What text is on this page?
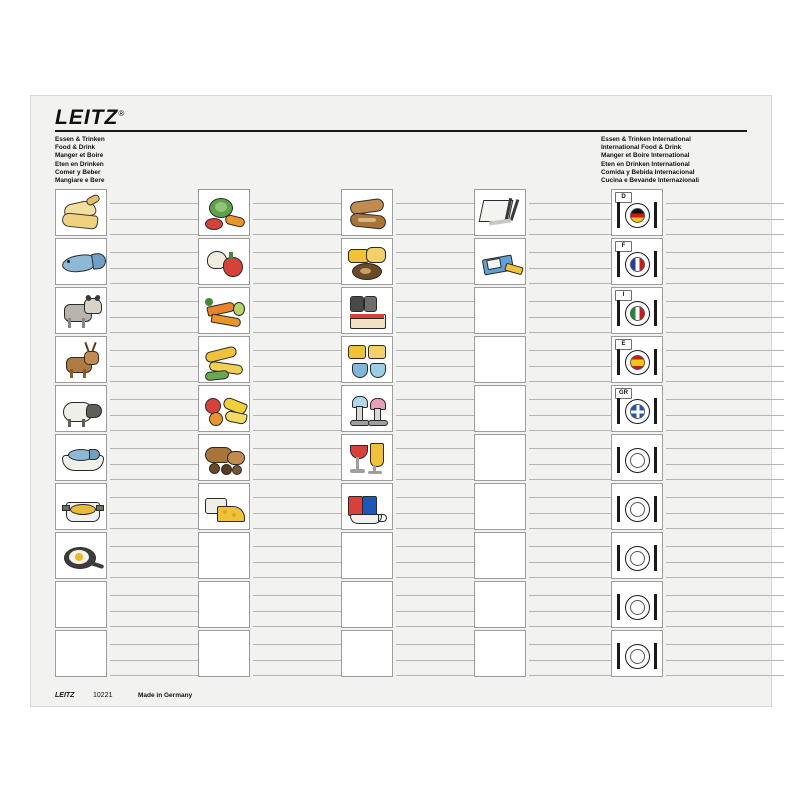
LEITZ®
Essen & Trinken
Food & Drink
Manger et Boire
Eten en Drinken
Comer y Beber
Mangiare e Bere
Essen & Trinken International
International Food & Drink
Manger et Boire International
Eten en Drinken International
Comida y Bebida Internacional
Cucina e Bevande Internazionali
D
F
I
E
GR
LEITZ	10221	Made in Germany
